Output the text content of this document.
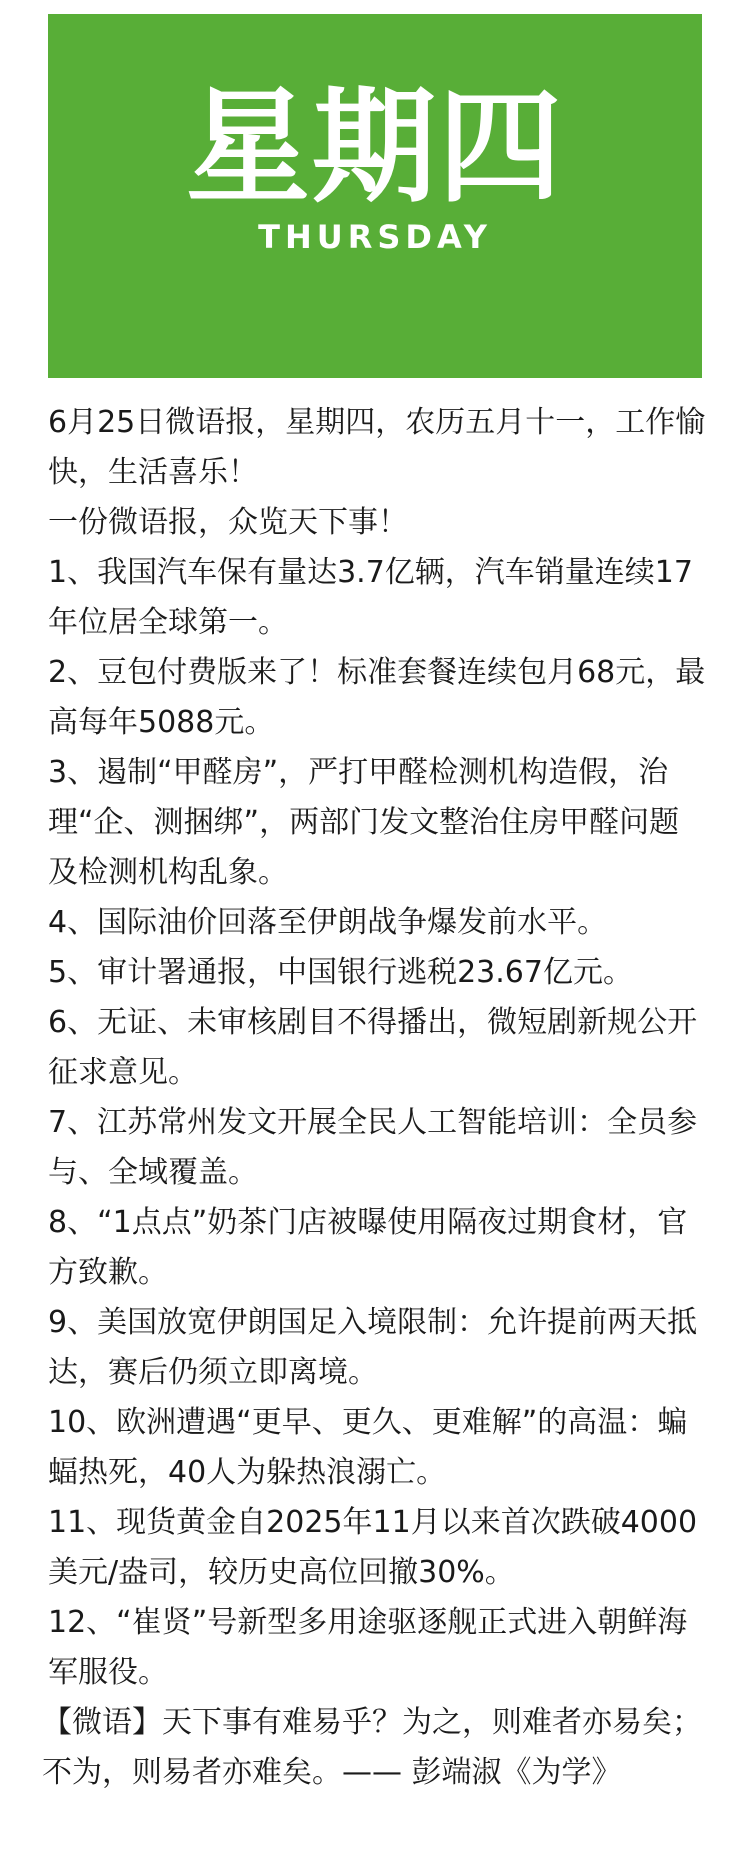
星期四
THURSDAY

6月25日微语报，星期四，农历五月十一，工作愉快，生活喜乐！

一份微语报，众览天下事！

1、我国汽车保有量达3.7亿辆，汽车销量连续17年位居全球第一。

2、豆包付费版来了！标准套餐连续包月68元，最高每年5088元。

3、遏制“甲醛房”，严打甲醛检测机构造假，治理“企、测捆绑”，两部门发文整治住房甲醛问题及检测机构乱象。

4、国际油价回落至伊朗战争爆发前水平。

5、审计署通报，中国银行逃税23.67亿元。

6、无证、未审核剧目不得播出，微短剧新规公开征求意见。

7、江苏常州发文开展全民人工智能培训：全员参与、全域覆盖。

8、“1点点”奶茶门店被曝使用隔夜过期食材，官方致歉。

9、美国放宽伊朗国足入境限制：允许提前两天抵达，赛后仍须立即离境。

10、欧洲遭遇“更早、更久、更难解”的高温：蝙蝠热死，40人为躲热浪溺亡。

11、现货黄金自2025年11月以来首次跌破4000美元/盎司，较历史高位回撤30%。

12、“崔贤”号新型多用途驱逐舰正式进入朝鲜海军服役。

【微语】天下事有难易乎？为之，则难者亦易矣；不为，则易者亦难矣。—— 彭端淑《为学》
